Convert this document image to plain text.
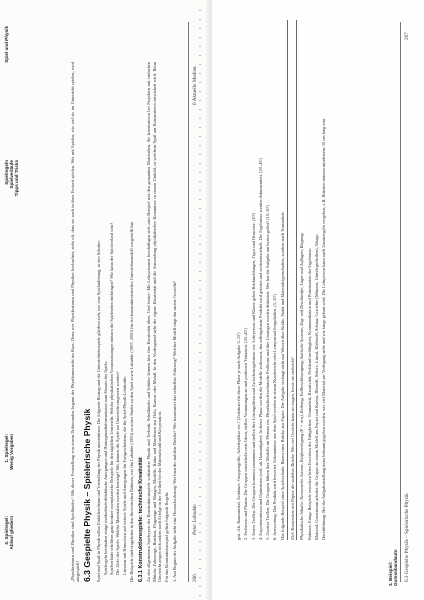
266
Peter Labudde
6 Aktuelle Medien
Spiel und Physik
Spielregeln
Spielverläufe
Tipps und Tricks
1. Spielregel:
Wenig Vorgaben
2. Spielregel:
Ablauf gliedern
267
6.3 Gespielte Physik – Spielerische Physik
3. Beispiel:
Gummibandauto

„Physikerinnen und Physiker sind Spielkinder.“ Mit dieser Feststellung von einem Doktoranden begann der Physikunterricht im Kurs. Denn wer Physikerinnen und Physiker beobachtet, sieht oft, dass sie auch in ihrer Freizeit spielen. Wer mit Spielen, wie viel sie im Unterricht spielen, wird ausgespielt! 6.3 Gespielte Physik – Spielerische Physik Spiel und Spaß in Physik sollen Einfallreichtum und Vorstellung der Physik unterstützen. Die folgende Beitrag und die Unterrichtsbeispiele gliedern sich, wie eine Spielanleitung, in vier Schritte: • Spielregeln beinhalten einige methodisch-didaktische Anregungen und Hintergrundinformationen zum Einsatz des Spiels. • Spielverläufe schildern ganz konkret exemplarische Beispiele für den täglichen Unterricht. Welche physikalischen Voraussetzungen müssen die Spielenden mitbringen? Wie kann der Spielverlauf sein? • Die Ziele des Spiels: Welche Materialien werden benötigt? Wie können die Spiele im Unterricht eingesetzt werden? • Literatur mit Hinweisen auf weitere Spiele und Anregungen für Fortgeschrittene, die für Spiel-Physik-Lehrkräfte. Die Beispiele sind eingebettet in den theoretischen Rahmen, wie ihn Labudde (1993) in seiner Studie zu den Spiel sowie Labudde (1997, 2000) für ein konstruktivistisches Unterrichtsmodell vorgestellt hat. 6.3.1 Konstruktionsspiele: technische Kreativität Zu den allgemeinen Spieltypen der Konstruktionsspiele vorhanden: Physik und Technik. Schulkinder und Schüler können hier ihre Kreativität üben. Und ferner: Mit Lehrpersonen beschäftigen sich zum Beispiel mit den genannten Materialien. Sie konstruieren bei Projekten mit einfachen Mitteln: Fahrzeuge, Brücken, Flugzeuge und Waagen, Modelle, Kräne und Maschinen aus Holz, Karton oder Metall. In den Vordergrund steht die eigene Kreativität und die Anwendung physikalischer Kenntnisse in einem Umfeld, in welchem Spaß am Konstruieren entwickelt wird. Beim Unterricht zeigen sich zudem noch Erfolge in der Freiheit bei der Materialwahl und Kooperation. Für das Konstruktionsspiel gelten folgende Regeln: 1. Am Beginn der Aufgabe steht eine Herausforderung: Wer baut die stabilste Brücke? Wer konstruiert das schnellste Fahrzeug? Welches Modell trägt das meiste Gewicht?	gen, d.h. Baumaterial, Zeitdauer, Gruppengröße, Arbeitsplätze etc.? (Zeitdauer für diese Phase je nach Aufgabe 5–15') 2. Probieren und Planen: Die Gruppen entwickeln erste Ideen, stellen Vermutungen an und probieren Varianten. (20–45') 3. Erstes Treffen: Die Gruppen kommen zusammen und stellen ihre Lösungsideen und Zwischenergebnisse vor. Lehrperson und Klasse geben Rückmeldungen, Tipps und Hinweise. (10') 4. Experimentieren und Optimieren (evtl. als Hausaufgabe): In dieser Phase werden die Modelle verbessert, das selbstgebaute Produkt wird getestet und weiterentwickelt. Die Ergebnisse werden dokumentiert. (20–45') 5. Zweites Treffen: Die Gruppen führen ihre Modelle im Plenum vor. Physikalisch-technische Probleme und ihre Lösungen werden diskutiert. Wer hat die Aufgabe am besten gelöst? (10–30') 6. Auswertung: Das Produkt wird bewertet. Erkenntnisse aus dem Spiel werden in einem Kurzbericht oder Lernjournal festgehalten. (5–10') Das folgende Beispiel eines Spielverlaufs: Bauen einer Brücke aus Papier. Die Aufgabe verlangt nicht nur Wissen über Kräfte, Statik und Materialeigenschaften, sondern auch Teamarbeit.	Ziel: Konstruiere mit Papier die stabilste Brücke. Wie viel Gewicht kann sie tragen, bevor sie einbricht?	Physikalische Inhalte: Newtonsche Axiome, Kräftezerlegung (F = m·a), Reibung, Fallbeschleunigung, Statische Systeme, Zug- und Druckkräfte, Lager und Auflagen, Biegung. Rahmen: Einige Beispiele erwecken beim Erwerben der Fähigkeiten: Teamarbeit, Kreativität, Problemlösefähigkeit, Kommunikation und Präsentation der Ergebnisse. Material: Gemeinsam arbeitet die Gruppe an einem Modell aus Papier und Karton, Bleistift, Schere, Lineal, Klebstoff, Schnur, Gewichte (Münzen, Unterlegscheiben), Waage. Durchführung: Bei der Aufgabenstellung muss bekannt gegeben werden, wie viel Material zur Verfügung steht und wie lange gebaut wird. Die Lehrperson kann auch Zusatzregeln vorgeben, z.B. Brücken müssen mindestens 30 cm lang sein.
